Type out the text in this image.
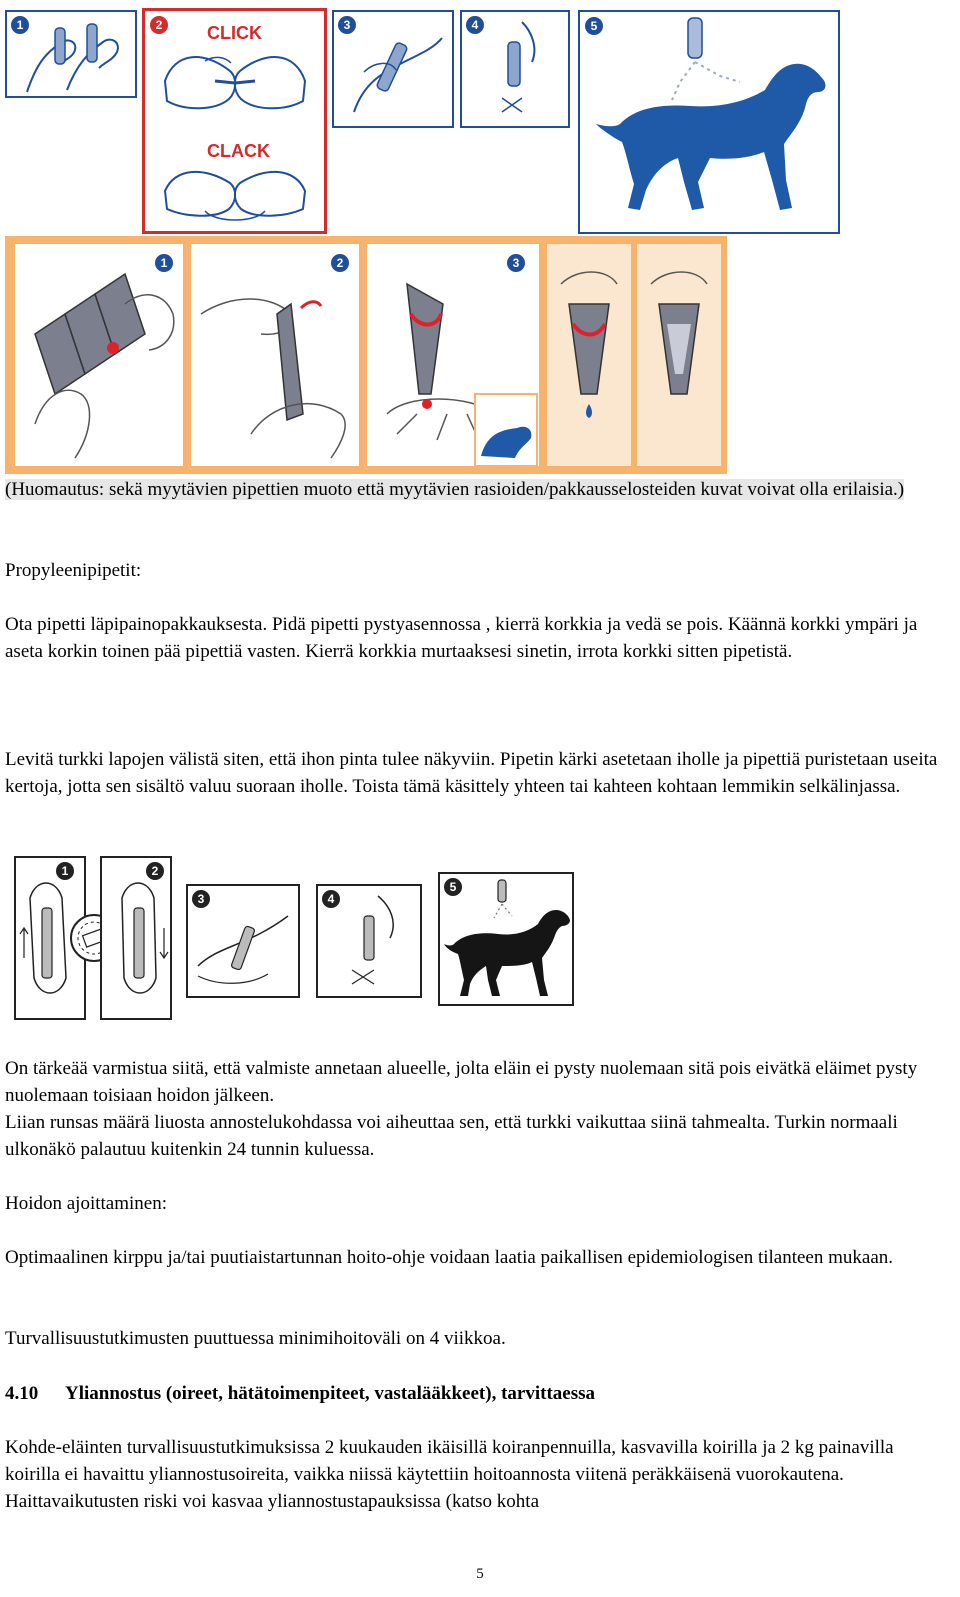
1	2	CLICK
CLACK
3	4	5
1	2	3

(Huomautus: sekä myytävien pipettien muoto että myytävien rasioiden/pakkausselosteiden kuvat voivat olla erilaisia.)

Propyleenipipetit:

Ota pipetti läpipainopakkauksesta. Pidä pipetti pystyasennossa , kierrä korkkia ja vedä se pois. Käännä korkki ympäri ja aseta korkin toinen pää pipettiä vasten. Kierrä korkkia murtaaksesi sinetin, irrota korkki sitten pipetistä.

Levitä turkki lapojen välistä siten, että ihon pinta tulee näkyviin. Pipetin kärki asetetaan iholle ja pipettiä puristetaan useita kertoja, jotta sen sisältö valuu suoraan iholle. Toista tämä käsittely yhteen tai kahteen kohtaan lemmikin selkälinjassa.

1	2
3	4
5

On tärkeää varmistua siitä, että valmiste annetaan alueelle, jolta eläin ei pysty nuolemaan sitä pois eivätkä eläimet pysty nuolemaan toisiaan hoidon jälkeen.

Liian runsas määrä liuosta annostelukohdassa voi aiheuttaa sen, että turkki vaikuttaa siinä tahmealta. Turkin normaali ulkonäkö palautuu kuitenkin 24 tunnin kuluessa.

Hoidon ajoittaminen:

Optimaalinen kirppu ja/tai puutiaistartunnan hoito-ohje voidaan laatia paikallisen epidemiologisen tilanteen mukaan.

Turvallisuustutkimusten puuttuessa minimihoitoväli on 4 viikkoa.

4.10 Yliannostus (oireet, hätätoimenpiteet, vastalääkkeet), tarvittaessa

Kohde-eläinten turvallisuustutkimuksissa 2 kuukauden ikäisillä koiranpennuilla, kasvavilla koirilla ja 2 kg painavilla koirilla ei havaittu yliannostusoireita, vaikka niissä käytettiin hoitoannosta viitenä peräkkäisenä vuorokautena. Haittavaikutusten riski voi kasvaa yliannostustapauksissa (katso kohta

5
